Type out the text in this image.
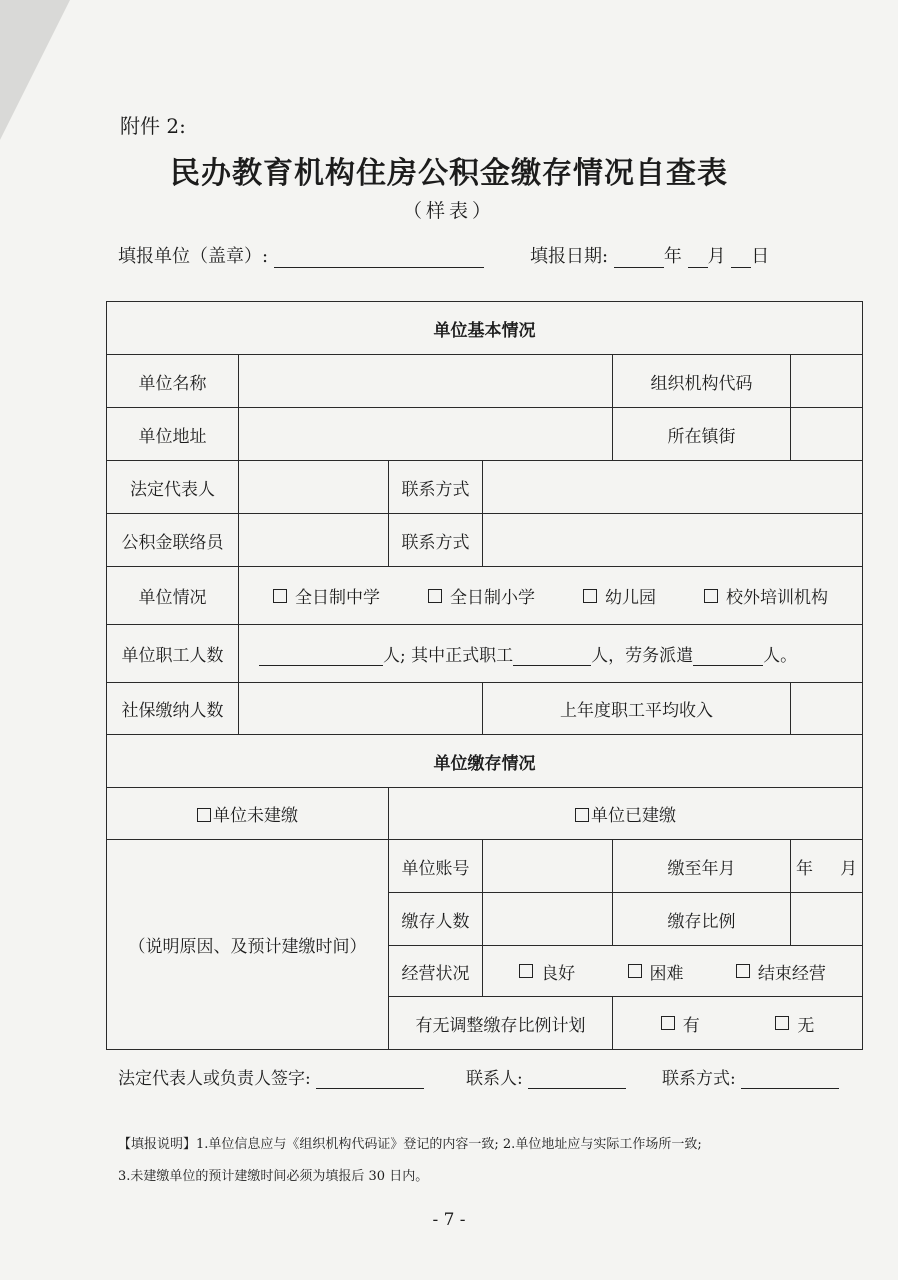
附件 2:
民办教育机构住房公积金缴存情况自查表
（样表）
填报单位（盖章）:	填报日期:	年 月 日
单位基本情况					
单位名称				组织机构代码	
单位地址				所在镇街	
法定代表人		联系方式			
公积金联络员		联系方式			
单位情况	全日制中学 全日制小学 幼儿园 校外培训机构				

单位职工人数	人; 其中正式职工 人，劳务派遣 人。				
社保缴纳人数			上年度职工平均收入		
单位缴存情况					
单位未建缴		单位已建缴			
（说明原因、及预计建缴时间）		单位账号		缴至年月	年 月
		缴存人数		缴存比例	
		经营状况	良好 困难 结束经营		

		有无调整缴存比例计划		有 无	
法定代表人或负责人签字:	联系人:	联系方式:
【填报说明】1.单位信息应与《组织机构代码证》登记的内容一致; 2.单位地址应与实际工作场所一致;
3.未建缴单位的预计建缴时间必须为填报后 30 日内。
- 7 -
